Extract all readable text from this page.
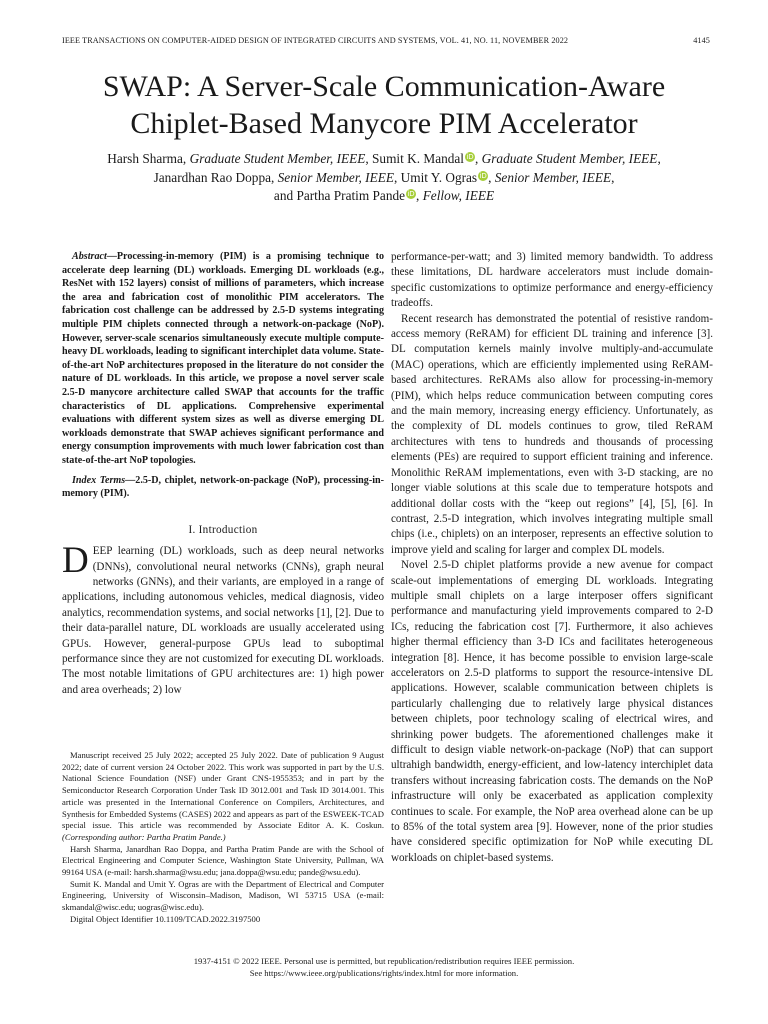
IEEE TRANSACTIONS ON COMPUTER-AIDED DESIGN OF INTEGRATED CIRCUITS AND SYSTEMS, VOL. 41, NO. 11, NOVEMBER 2022	4145
SWAP: A Server-Scale Communication-Aware
Chiplet-Based Manycore PIM Accelerator
Harsh Sharma, Graduate Student Member, IEEE, Sumit K. Mandal iD, Graduate Student Member, IEEE,
Janardhan Rao Doppa, Senior Member, IEEE, Umit Y. Ogras iD, Senior Member, IEEE,
and Partha Pratim Pande iD, Fellow, IEEE

Abstract—Processing-in-memory (PIM) is a promising technique to accelerate deep learning (DL) workloads. Emerging DL workloads (e.g., ResNet with 152 layers) consist of millions of parameters, which increase the area and fabrication cost of monolithic PIM accelerators. The fabrication cost challenge can be addressed by 2.5-D systems integrating multiple PIM chiplets connected through a network-on-package (NoP). However, server-scale scenarios simultaneously execute multiple compute-heavy DL workloads, leading to significant interchiplet data volume. State-of-the-art NoP architectures proposed in the literature do not consider the nature of DL workloads. In this article, we propose a novel server scale 2.5-D manycore architecture called SWAP that accounts for the traffic characteristics of DL applications. Comprehensive experimental evaluations with different system sizes as well as diverse emerging DL workloads demonstrate that SWAP achieves significant performance and energy consumption improvements with much lower fabrication cost than state-of-the-art NoP topologies.

Index Terms—2.5-D, chiplet, network-on-package (NoP), processing-in-memory (PIM).

I. Introduction

DEEP learning (DL) workloads, such as deep neural networks (DNNs), convolutional neural networks (CNNs), graph neural networks (GNNs), and their variants, are employed in a range of applications, including autonomous vehicles, medical diagnosis, video analytics, recommendation systems, and social networks [1], [2]. Due to their data-parallel nature, DL workloads are usually accelerated using GPUs. However, general-purpose GPUs lead to suboptimal performance since they are not customized for executing DL workloads. The most notable limitations of GPU architectures are: 1) high power and area overheads; 2) low

Manuscript received 25 July 2022; accepted 25 July 2022. Date of publication 9 August 2022; date of current version 24 October 2022. This work was supported in part by the U.S. National Science Foundation (NSF) under Grant CNS-1955353; and in part by the Semiconductor Research Corporation Under Task ID 3012.001 and Task ID 3014.001. This article was presented in the International Conference on Compilers, Architectures, and Synthesis for Embedded Systems (CASES) 2022 and appears as part of the ESWEEK-TCAD special issue. This article was recommended by Associate Editor A. K. Coskun. (Corresponding author: Partha Pratim Pande.)

Harsh Sharma, Janardhan Rao Doppa, and Partha Pratim Pande are with the School of Electrical Engineering and Computer Science, Washington State University, Pullman, WA 99164 USA (e-mail: harsh.sharma@wsu.edu; jana.doppa@wsu.edu; pande@wsu.edu).

Sumit K. Mandal and Umit Y. Ogras are with the Department of Electrical and Computer Engineering, University of Wisconsin–Madison, Madison, WI 53715 USA (e-mail: skmandal@wisc.edu; uogras@wisc.edu).

Digital Object Identifier 10.1109/TCAD.2022.3197500

performance-per-watt; and 3) limited memory bandwidth. To address these limitations, DL hardware accelerators must include domain-specific customizations to optimize performance and energy-efficiency tradeoffs.

Recent research has demonstrated the potential of resistive random-access memory (ReRAM) for efficient DL training and inference [3]. DL computation kernels mainly involve multiply-and-accumulate (MAC) operations, which are efficiently implemented using ReRAM-based architectures. ReRAMs also allow for processing-in-memory (PIM), which helps reduce communication between computing cores and the main memory, increasing energy efficiency. Unfortunately, as the complexity of DL models continues to grow, tiled ReRAM architectures with tens to hundreds and thousands of processing elements (PEs) are required to support efficient training and inference. Monolithic ReRAM implementations, even with 3-D stacking, are no longer viable solutions at this scale due to temperature hotspots and additional dollar costs with the “keep out regions” [4], [5], [6]. In contrast, 2.5-D integration, which involves integrating multiple small chips (i.e., chiplets) on an interposer, represents an effective solution to improve yield and scaling for larger and complex DL models.

Novel 2.5-D chiplet platforms provide a new avenue for compact scale-out implementations of emerging DL workloads. Integrating multiple small chiplets on a large interposer offers significant performance and manufacturing yield improvements compared to 2-D ICs, reducing the fabrication cost [7]. Furthermore, it also achieves higher thermal efficiency than 3-D ICs and facilitates heterogeneous integration [8]. Hence, it has become possible to envision large-scale accelerators on 2.5-D platforms to support the resource-intensive DL applications. However, scalable communication between chiplets is particularly challenging due to relatively large physical distances between chiplets, poor technology scaling of electrical wires, and shrinking power budgets. The aforementioned challenges make it difficult to design viable network-on-package (NoP) that can support ultrahigh bandwidth, energy-efficient, and low-latency interchiplet data transfers without increasing fabrication costs. The demands on the NoP infrastructure will only be exacerbated as application complexity continues to scale. For example, the NoP area overhead alone can be up to 85% of the total system area [9]. However, none of the prior studies have considered specific optimization for NoP while executing DL workloads on chiplet-based systems.

1937-4151 © 2022 IEEE. Personal use is permitted, but republication/redistribution requires IEEE permission.
See https://www.ieee.org/publications/rights/index.html for more information.
